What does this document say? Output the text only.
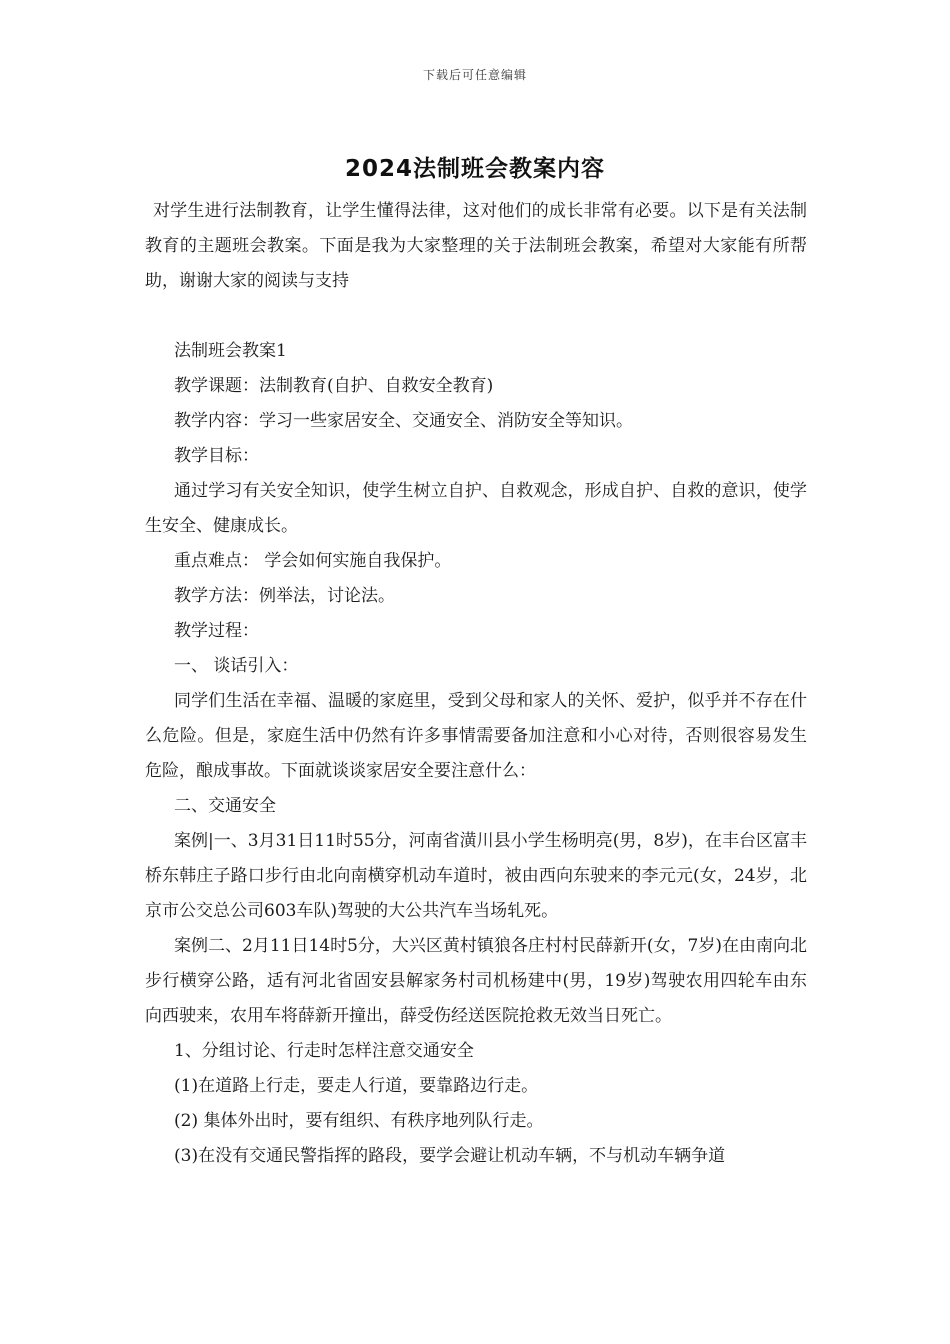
下载后可任意编辑
2024法制班会教案内容

对学生进行法制教育，让学生懂得法律，这对他们的成长非常有必要。以下是有关法制教育的主题班会教案。下面是我为大家整理的关于法制班会教案，希望对大家能有所帮助，谢谢大家的阅读与支持

法制班会教案1

教学课题：法制教育(自护、自救安全教育)

教学内容：学习一些家居安全、交通安全、消防安全等知识。

教学目标：

通过学习有关安全知识，使学生树立自护、自救观念，形成自护、自救的意识，使学生安全、健康成长。

重点难点： 学会如何实施自我保护。

教学方法：例举法，讨论法。

教学过程：

一、 谈话引入：

同学们生活在幸福、温暖的家庭里，受到父母和家人的关怀、爱护，似乎并不存在什么危险。但是，家庭生活中仍然有许多事情需要备加注意和小心对待，否则很容易发生危险，酿成事故。下面就谈谈家居安全要注意什么：

二、交通安全

案例|一、3月31日11时55分，河南省潢川县小学生杨明亮(男，8岁)，在丰台区富丰桥东韩庄子路口步行由北向南横穿机动车道时，被由西向东驶来的李元元(女，24岁，北京市公交总公司603车队)驾驶的大公共汽车当场轧死。

案例二、2月11日14时5分，大兴区黄村镇狼各庄村村民薛新开(女，7岁)在由南向北步行横穿公路，适有河北省固安县解家务村司机杨建中(男，19岁)驾驶农用四轮车由东向西驶来，农用车将薛新开撞出，薛受伤经送医院抢救无效当日死亡。

1、分组讨论、行走时怎样注意交通安全

(1)在道路上行走，要走人行道，要靠路边行走。

(2) 集体外出时，要有组织、有秩序地列队行走。

(3)在没有交通民警指挥的路段，要学会避让机动车辆，不与机动车辆争道
